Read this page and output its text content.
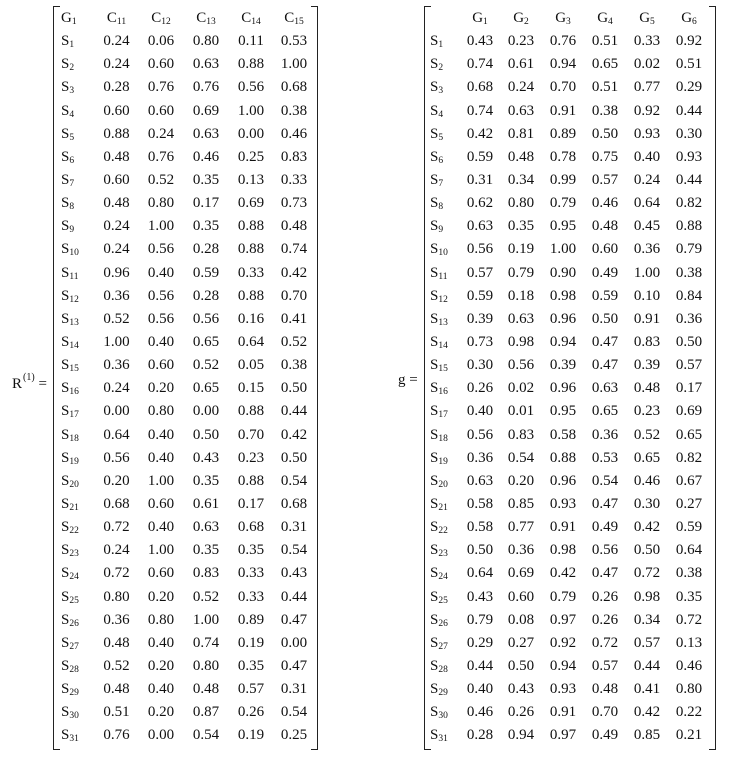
$R^{(1)}$ =
$G_1$	$C_{11}$	$C_{12}$	$C_{13}$	$C_{14}$	$C_{15}$
$S_1$	0.24	0.06	0.80	0.11	0.53
$S_2$	0.24	0.60	0.63	0.88	1.00
$S_3$	0.28	0.76	0.76	0.56	0.68
$S_4$	0.60	0.60	0.69	1.00	0.38
$S_5$	0.88	0.24	0.63	0.00	0.46
$S_6$	0.48	0.76	0.46	0.25	0.83
$S_7$	0.60	0.52	0.35	0.13	0.33
$S_8$	0.48	0.80	0.17	0.69	0.73
$S_9$	0.24	1.00	0.35	0.88	0.48
$S_{10}$	0.24	0.56	0.28	0.88	0.74
$S_{11}$	0.96	0.40	0.59	0.33	0.42
$S_{12}$	0.36	0.56	0.28	0.88	0.70
$S_{13}$	0.52	0.56	0.56	0.16	0.41
$S_{14}$	1.00	0.40	0.65	0.64	0.52
$S_{15}$	0.36	0.60	0.52	0.05	0.38
$S_{16}$	0.24	0.20	0.65	0.15	0.50
$S_{17}$	0.00	0.80	0.00	0.88	0.44
$S_{18}$	0.64	0.40	0.50	0.70	0.42
$S_{19}$	0.56	0.40	0.43	0.23	0.50
$S_{20}$	0.20	1.00	0.35	0.88	0.54
$S_{21}$	0.68	0.60	0.61	0.17	0.68
$S_{22}$	0.72	0.40	0.63	0.68	0.31
$S_{23}$	0.24	1.00	0.35	0.35	0.54
$S_{24}$	0.72	0.60	0.83	0.33	0.43
$S_{25}$	0.80	0.20	0.52	0.33	0.44
$S_{26}$	0.36	0.80	1.00	0.89	0.47
$S_{27}$	0.48	0.40	0.74	0.19	0.00
$S_{28}$	0.52	0.20	0.80	0.35	0.47
$S_{29}$	0.48	0.40	0.48	0.57	0.31
$S_{30}$	0.51	0.20	0.87	0.26	0.54
$S_{31}$	0.76	0.00	0.54	0.19	0.25
g =
	$G_1$	$G_2$	$G_3$	$G_4$	$G_5$	$G_6$
$S_1$	0.43	0.23	0.76	0.51	0.33	0.92
$S_2$	0.74	0.61	0.94	0.65	0.02	0.51
$S_3$	0.68	0.24	0.70	0.51	0.77	0.29
$S_4$	0.74	0.63	0.91	0.38	0.92	0.44
$S_5$	0.42	0.81	0.89	0.50	0.93	0.30
$S_6$	0.59	0.48	0.78	0.75	0.40	0.93
$S_7$	0.31	0.34	0.99	0.57	0.24	0.44
$S_8$	0.62	0.80	0.79	0.46	0.64	0.82
$S_9$	0.63	0.35	0.95	0.48	0.45	0.88
$S_{10}$	0.56	0.19	1.00	0.60	0.36	0.79
$S_{11}$	0.57	0.79	0.90	0.49	1.00	0.38
$S_{12}$	0.59	0.18	0.98	0.59	0.10	0.84
$S_{13}$	0.39	0.63	0.96	0.50	0.91	0.36
$S_{14}$	0.73	0.98	0.94	0.47	0.83	0.50
$S_{15}$	0.30	0.56	0.39	0.47	0.39	0.57
$S_{16}$	0.26	0.02	0.96	0.63	0.48	0.17
$S_{17}$	0.40	0.01	0.95	0.65	0.23	0.69
$S_{18}$	0.56	0.83	0.58	0.36	0.52	0.65
$S_{19}$	0.36	0.54	0.88	0.53	0.65	0.82
$S_{20}$	0.63	0.20	0.96	0.54	0.46	0.67
$S_{21}$	0.58	0.85	0.93	0.47	0.30	0.27
$S_{22}$	0.58	0.77	0.91	0.49	0.42	0.59
$S_{23}$	0.50	0.36	0.98	0.56	0.50	0.64
$S_{24}$	0.64	0.69	0.42	0.47	0.72	0.38
$S_{25}$	0.43	0.60	0.79	0.26	0.98	0.35
$S_{26}$	0.79	0.08	0.97	0.26	0.34	0.72
$S_{27}$	0.29	0.27	0.92	0.72	0.57	0.13
$S_{28}$	0.44	0.50	0.94	0.57	0.44	0.46
$S_{29}$	0.40	0.43	0.93	0.48	0.41	0.80
$S_{30}$	0.46	0.26	0.91	0.70	0.42	0.22
$S_{31}$	0.28	0.94	0.97	0.49	0.85	0.21
